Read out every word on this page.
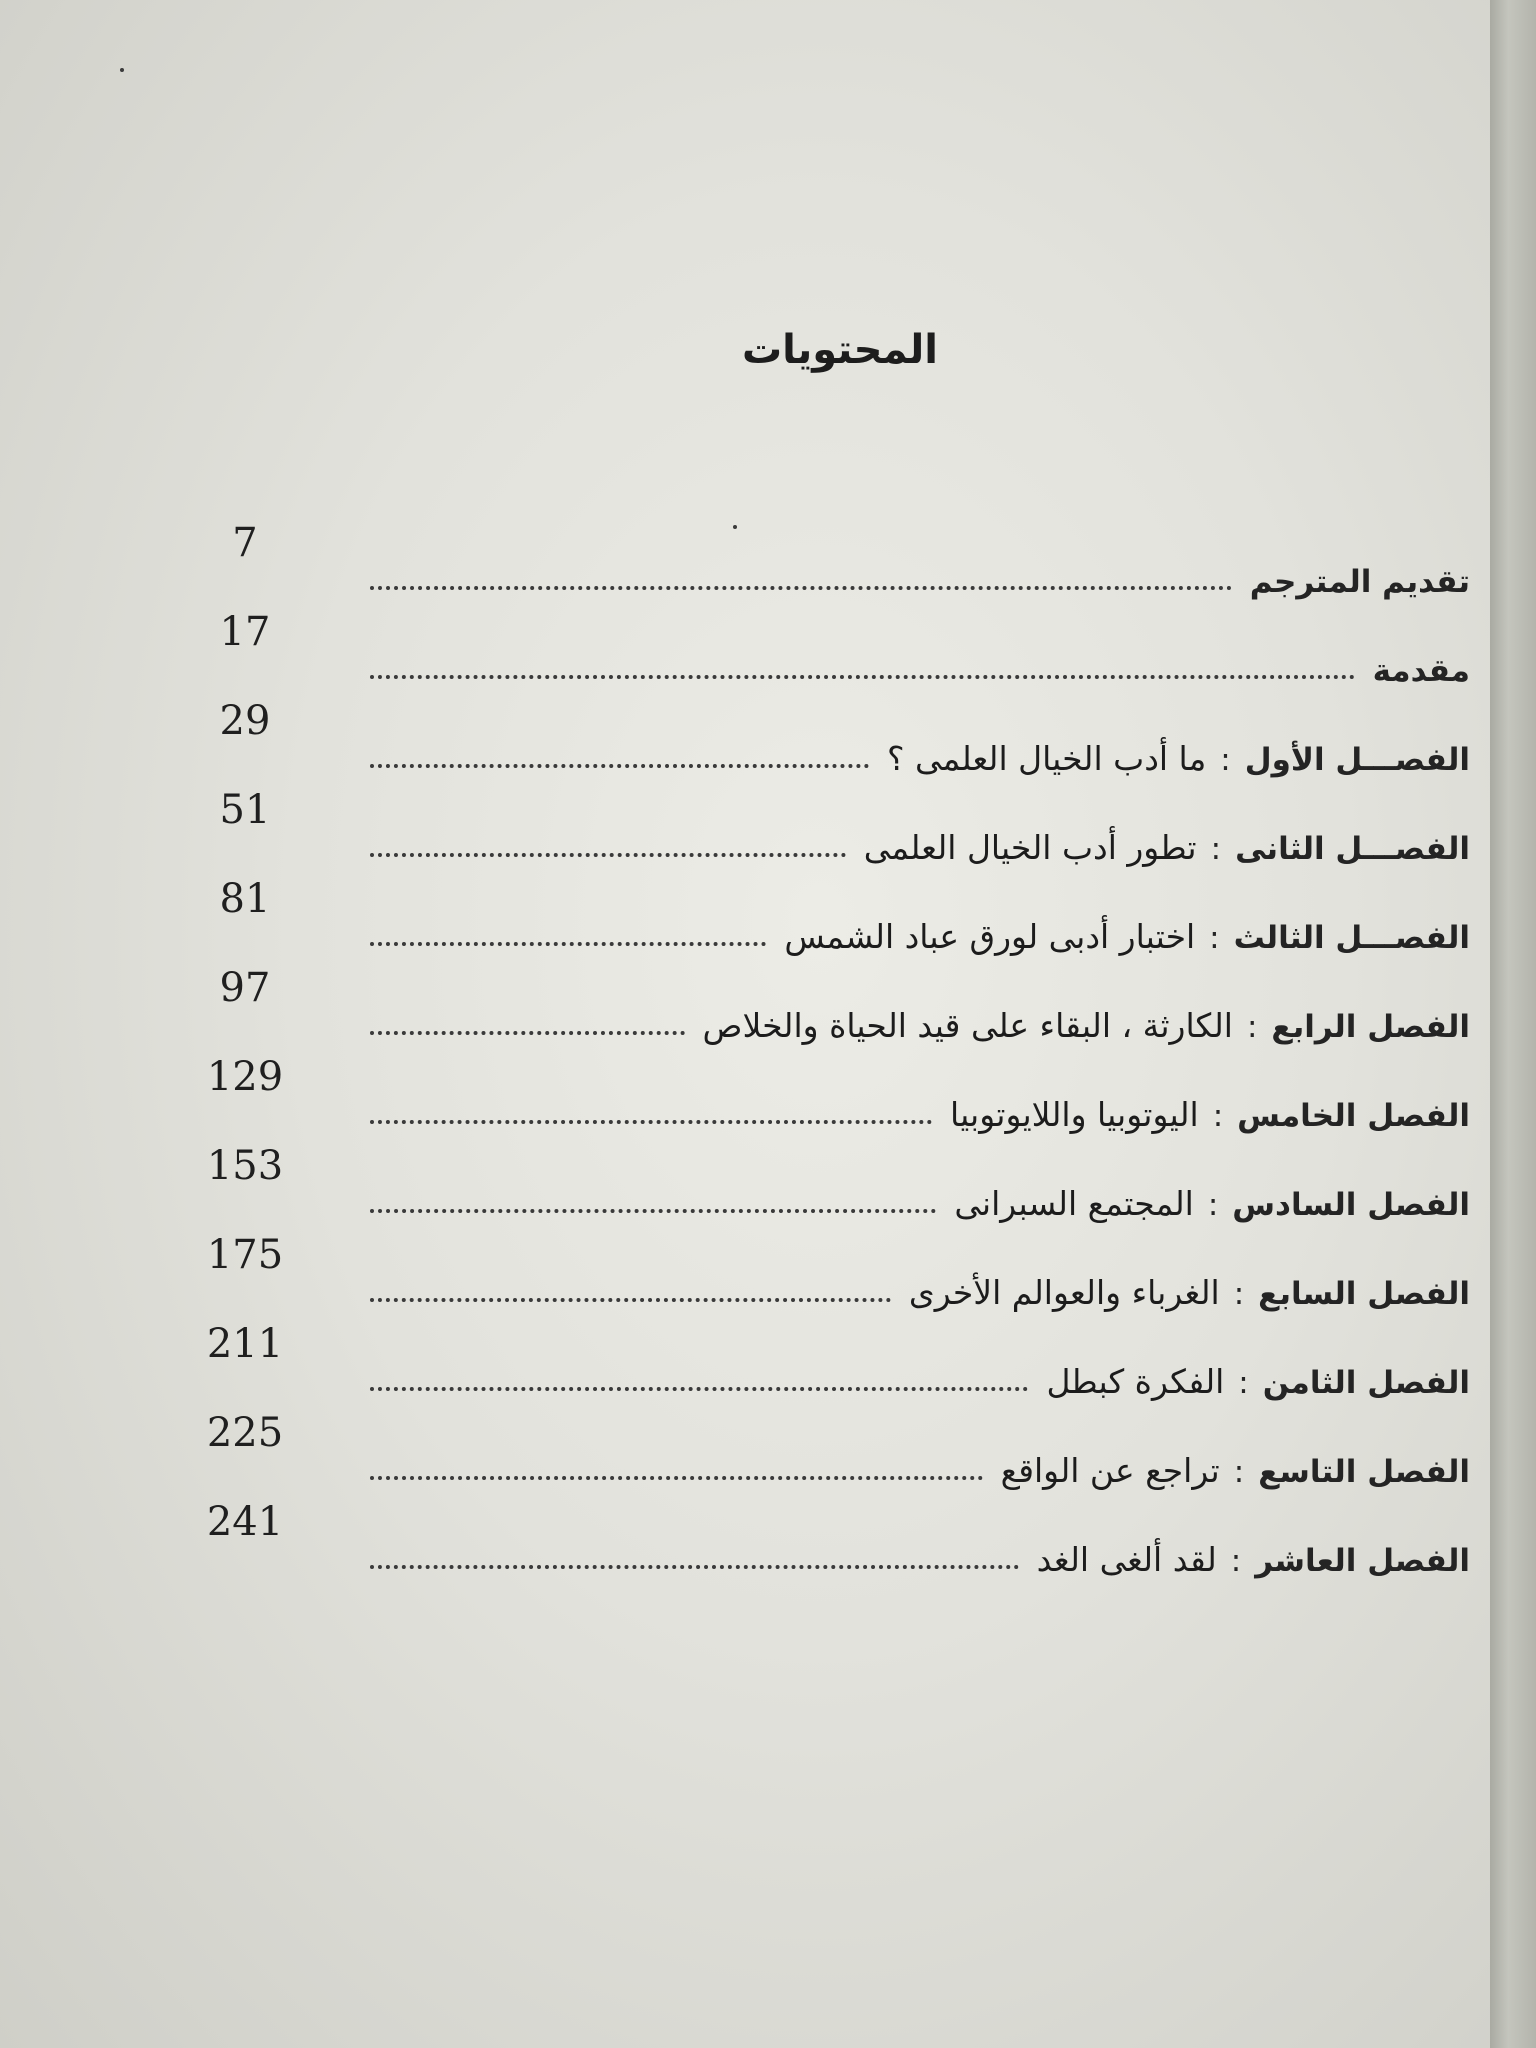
المحتويات
7
تقديم المترجم
17
مقدمة
29
الفصـــل الأول
:
ما أدب الخيال العلمى ؟
51
الفصـــل الثانى
:
تطور أدب الخيال العلمى
81
الفصـــل الثالث
:
اختبار أدبى لورق عباد الشمس
97
الفصل الرابع
:
الكارثة ، البقاء على قيد الحياة والخلاص
129
الفصل الخامس
:
اليوتوبيا واللايوتوبيا
153
الفصل السادس
:
المجتمع السبرانى
175
الفصل السابع
:
الغرباء والعوالم الأخرى
211
الفصل الثامن
:
الفكرة كبطل
225
الفصل التاسع
:
تراجع عن الواقع
241
الفصل العاشر
:
لقد ألغى الغد
